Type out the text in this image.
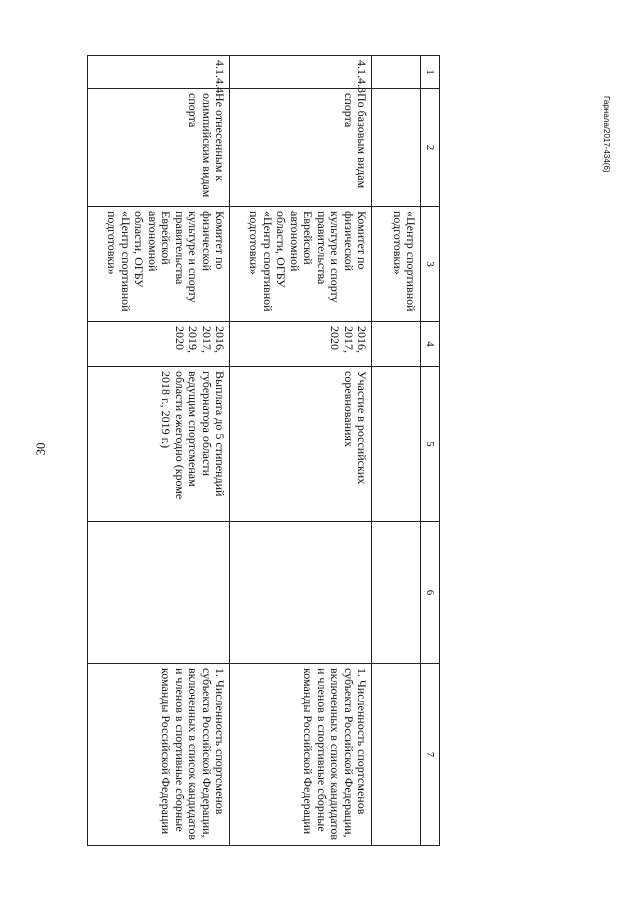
30
Гарнала/2017-434(6)
1	2	3	4	5	6	7
		«Центр спортивной подготовки»				
4.1.4.3	По базовым видам спорта	Комитет по физической культуре и спорту правительства Еврейской автономной области, ОГБУ «Центр спортивной подготовки»	2016, 2017, 2020	Участие в российских соревнованиях		1. Численность спортсменов субъекта Российской Федерации, включенных в список кандидатов и членов в спортивные сборные команды Российской Федерации
4.1.4.4	Не отнесенным к олимпийским видам спорта	Комитет по физической культуре и спорту правительства Еврейской автономной области, ОГБУ «Центр спортивной подготовки»	2016, 2017, 2019, 2020	Выплата до 5 стипендий губернатора области ведущим спортсменам области ежегодно (кроме 2018 г., 2019 г.)		1. Численность спортсменов субъекта Российской Федерации, включенных в список кандидатов и членов в спортивные сборные команды Российской Федерации
